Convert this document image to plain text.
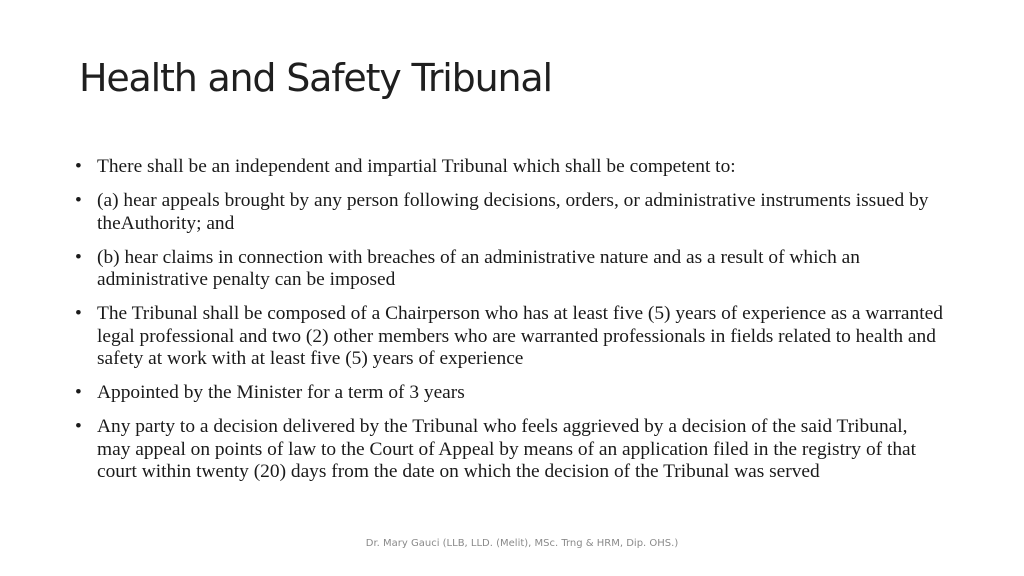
Health and Safety Tribunal
• There shall be an independent and impartial Tribunal which shall be competent to:
• (a) hear appeals brought by any person following decisions, orders, or administrative instruments issued by theAuthority; and
• (b) hear claims in connection with breaches of an administrative nature and as a result of which an administrative penalty can be imposed
• The Tribunal shall be composed of a Chairperson who has at least five (5) years of experience as a warranted legal professional and two (2) other members who are warranted professionals in fields related to health and safety at work with at least five (5) years of experience
• Appointed by the Minister for a term of 3 years
• Any party to a decision delivered by the Tribunal who feels aggrieved by a decision of the said Tribunal, may appeal on points of law to the Court of Appeal by means of an application filed in the registry of that court within twenty (20) days from the date on which the decision of the Tribunal was served
Dr. Mary Gauci (LLB, LLD. (Melit), MSc. Trng & HRM, Dip. OHS.)
